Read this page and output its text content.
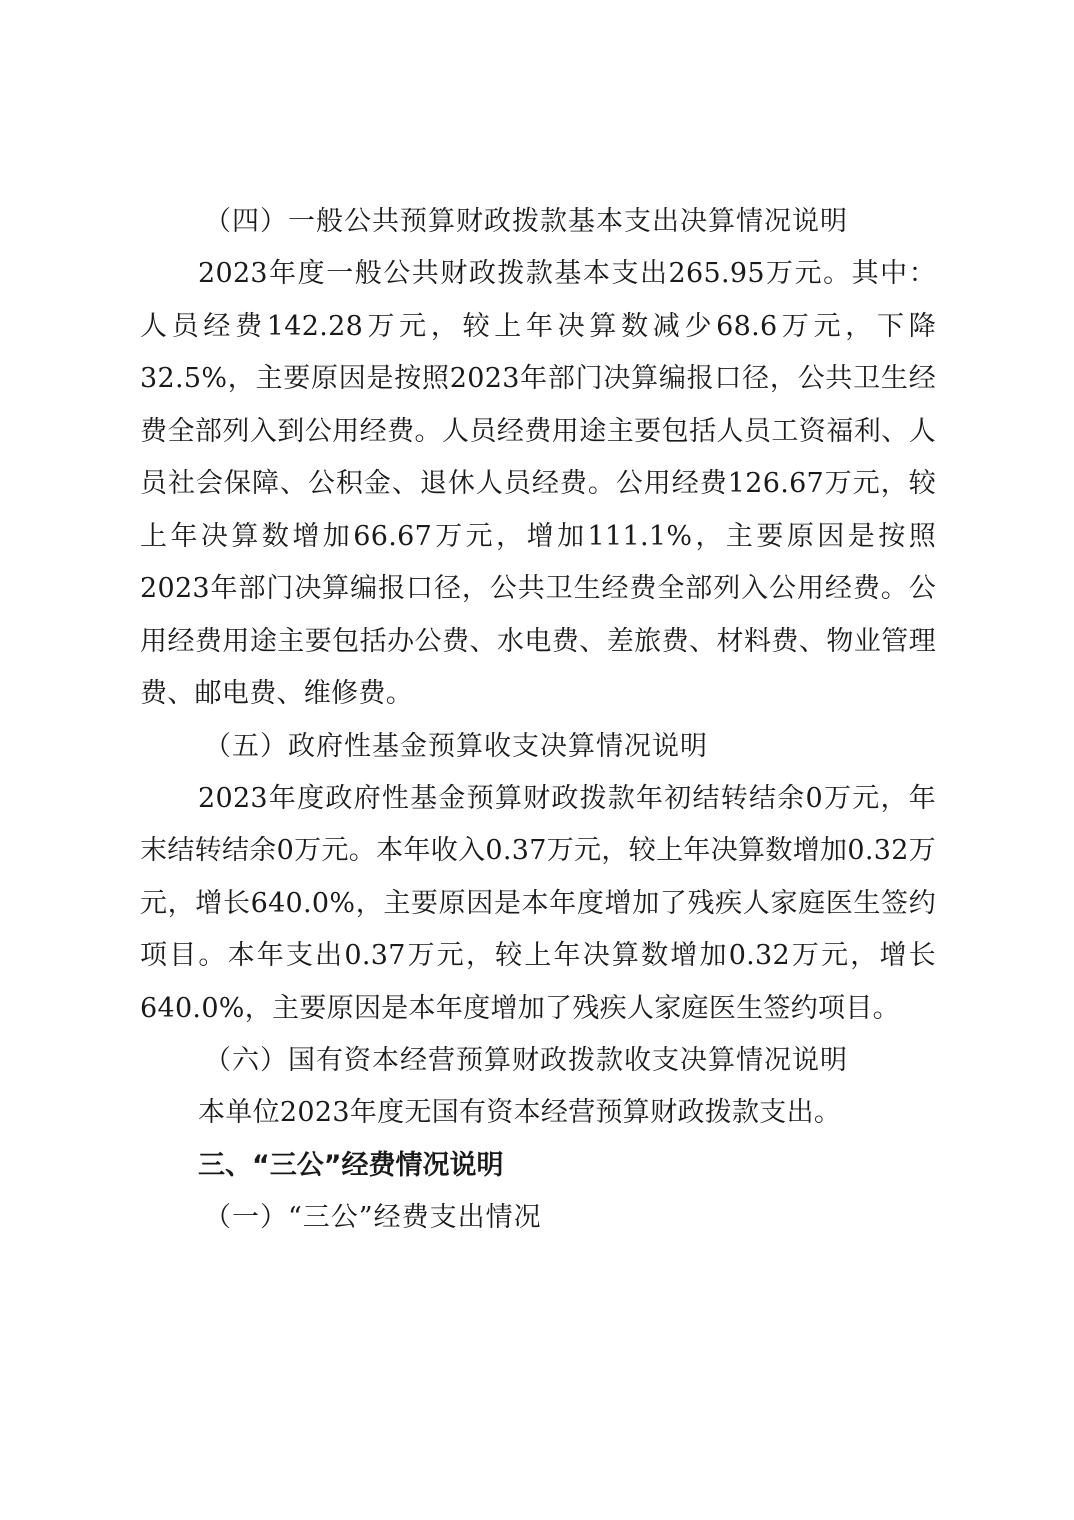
（四）一般公共预算财政拨款基本支出决算情况说明

2023年度一般公共财政拨款基本支出265.95万元。其中：人员经费142.28万元，较上年决算数减少68.6万元，下降32.5%，主要原因是按照2023年部门决算编报口径，公共卫生经费全部列入到公用经费。人员经费用途主要包括人员工资福利、人员社会保障、公积金、退休人员经费。公用经费126.67万元，较上年决算数增加66.67万元，增加111.1%，主要原因是按照2023年部门决算编报口径，公共卫生经费全部列入公用经费。公用经费用途主要包括办公费、水电费、差旅费、材料费、物业管理费、邮电费、维修费。

（五）政府性基金预算收支决算情况说明

2023年度政府性基金预算财政拨款年初结转结余0万元，年末结转结余0万元。本年收入0.37万元，较上年决算数增加0.32万元，增长640.0%，主要原因是本年度增加了残疾人家庭医生签约项目。本年支出0.37万元，较上年决算数增加0.32万元，增长640.0%，主要原因是本年度增加了残疾人家庭医生签约项目。

（六）国有资本经营预算财政拨款收支决算情况说明

本单位2023年度无国有资本经营预算财政拨款支出。

三、“三公”经费情况说明
（一）“三公”经费支出情况
